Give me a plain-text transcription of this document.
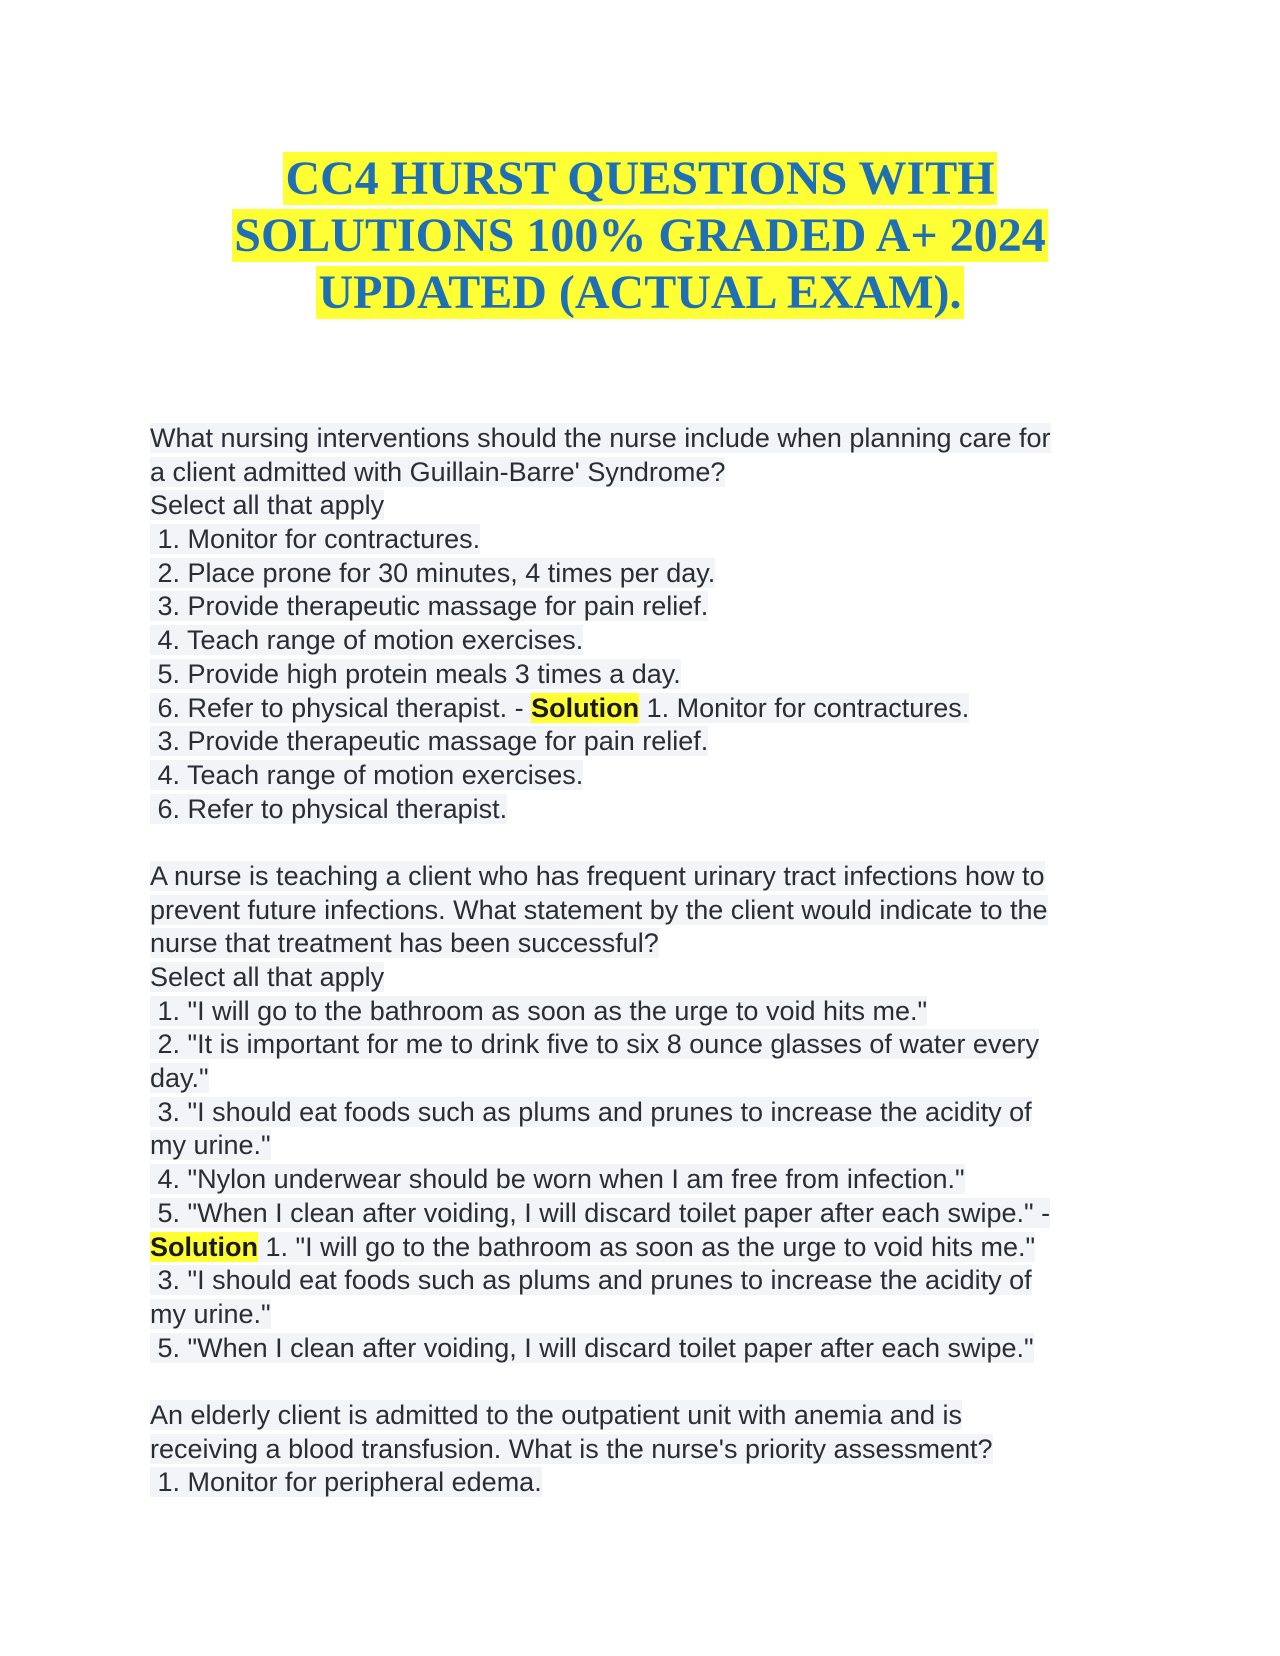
CC4 HURST QUESTIONS WITH
SOLUTIONS 100% GRADED A+ 2024
UPDATED (ACTUAL EXAM).
What nursing interventions should the nurse include when planning care for
a client admitted with Guillain-Barre' Syndrome?
Select all that apply
1. Monitor for contractures.
2. Place prone for 30 minutes, 4 times per day.
3. Provide therapeutic massage for pain relief.
4. Teach range of motion exercises.
5. Provide high protein meals 3 times a day.
6. Refer to physical therapist. - Solution 1. Monitor for contractures.
3. Provide therapeutic massage for pain relief.
4. Teach range of motion exercises.
6. Refer to physical therapist.
A nurse is teaching a client who has frequent urinary tract infections how to
prevent future infections. What statement by the client would indicate to the
nurse that treatment has been successful?
Select all that apply
1. "I will go to the bathroom as soon as the urge to void hits me."
2. "It is important for me to drink five to six 8 ounce glasses of water every
day."
3. "I should eat foods such as plums and prunes to increase the acidity of
my urine."
4. "Nylon underwear should be worn when I am free from infection."
5. "When I clean after voiding, I will discard toilet paper after each swipe." -
Solution 1. "I will go to the bathroom as soon as the urge to void hits me."
3. "I should eat foods such as plums and prunes to increase the acidity of
my urine."
5. "When I clean after voiding, I will discard toilet paper after each swipe."
An elderly client is admitted to the outpatient unit with anemia and is
receiving a blood transfusion. What is the nurse's priority assessment?
1. Monitor for peripheral edema.
